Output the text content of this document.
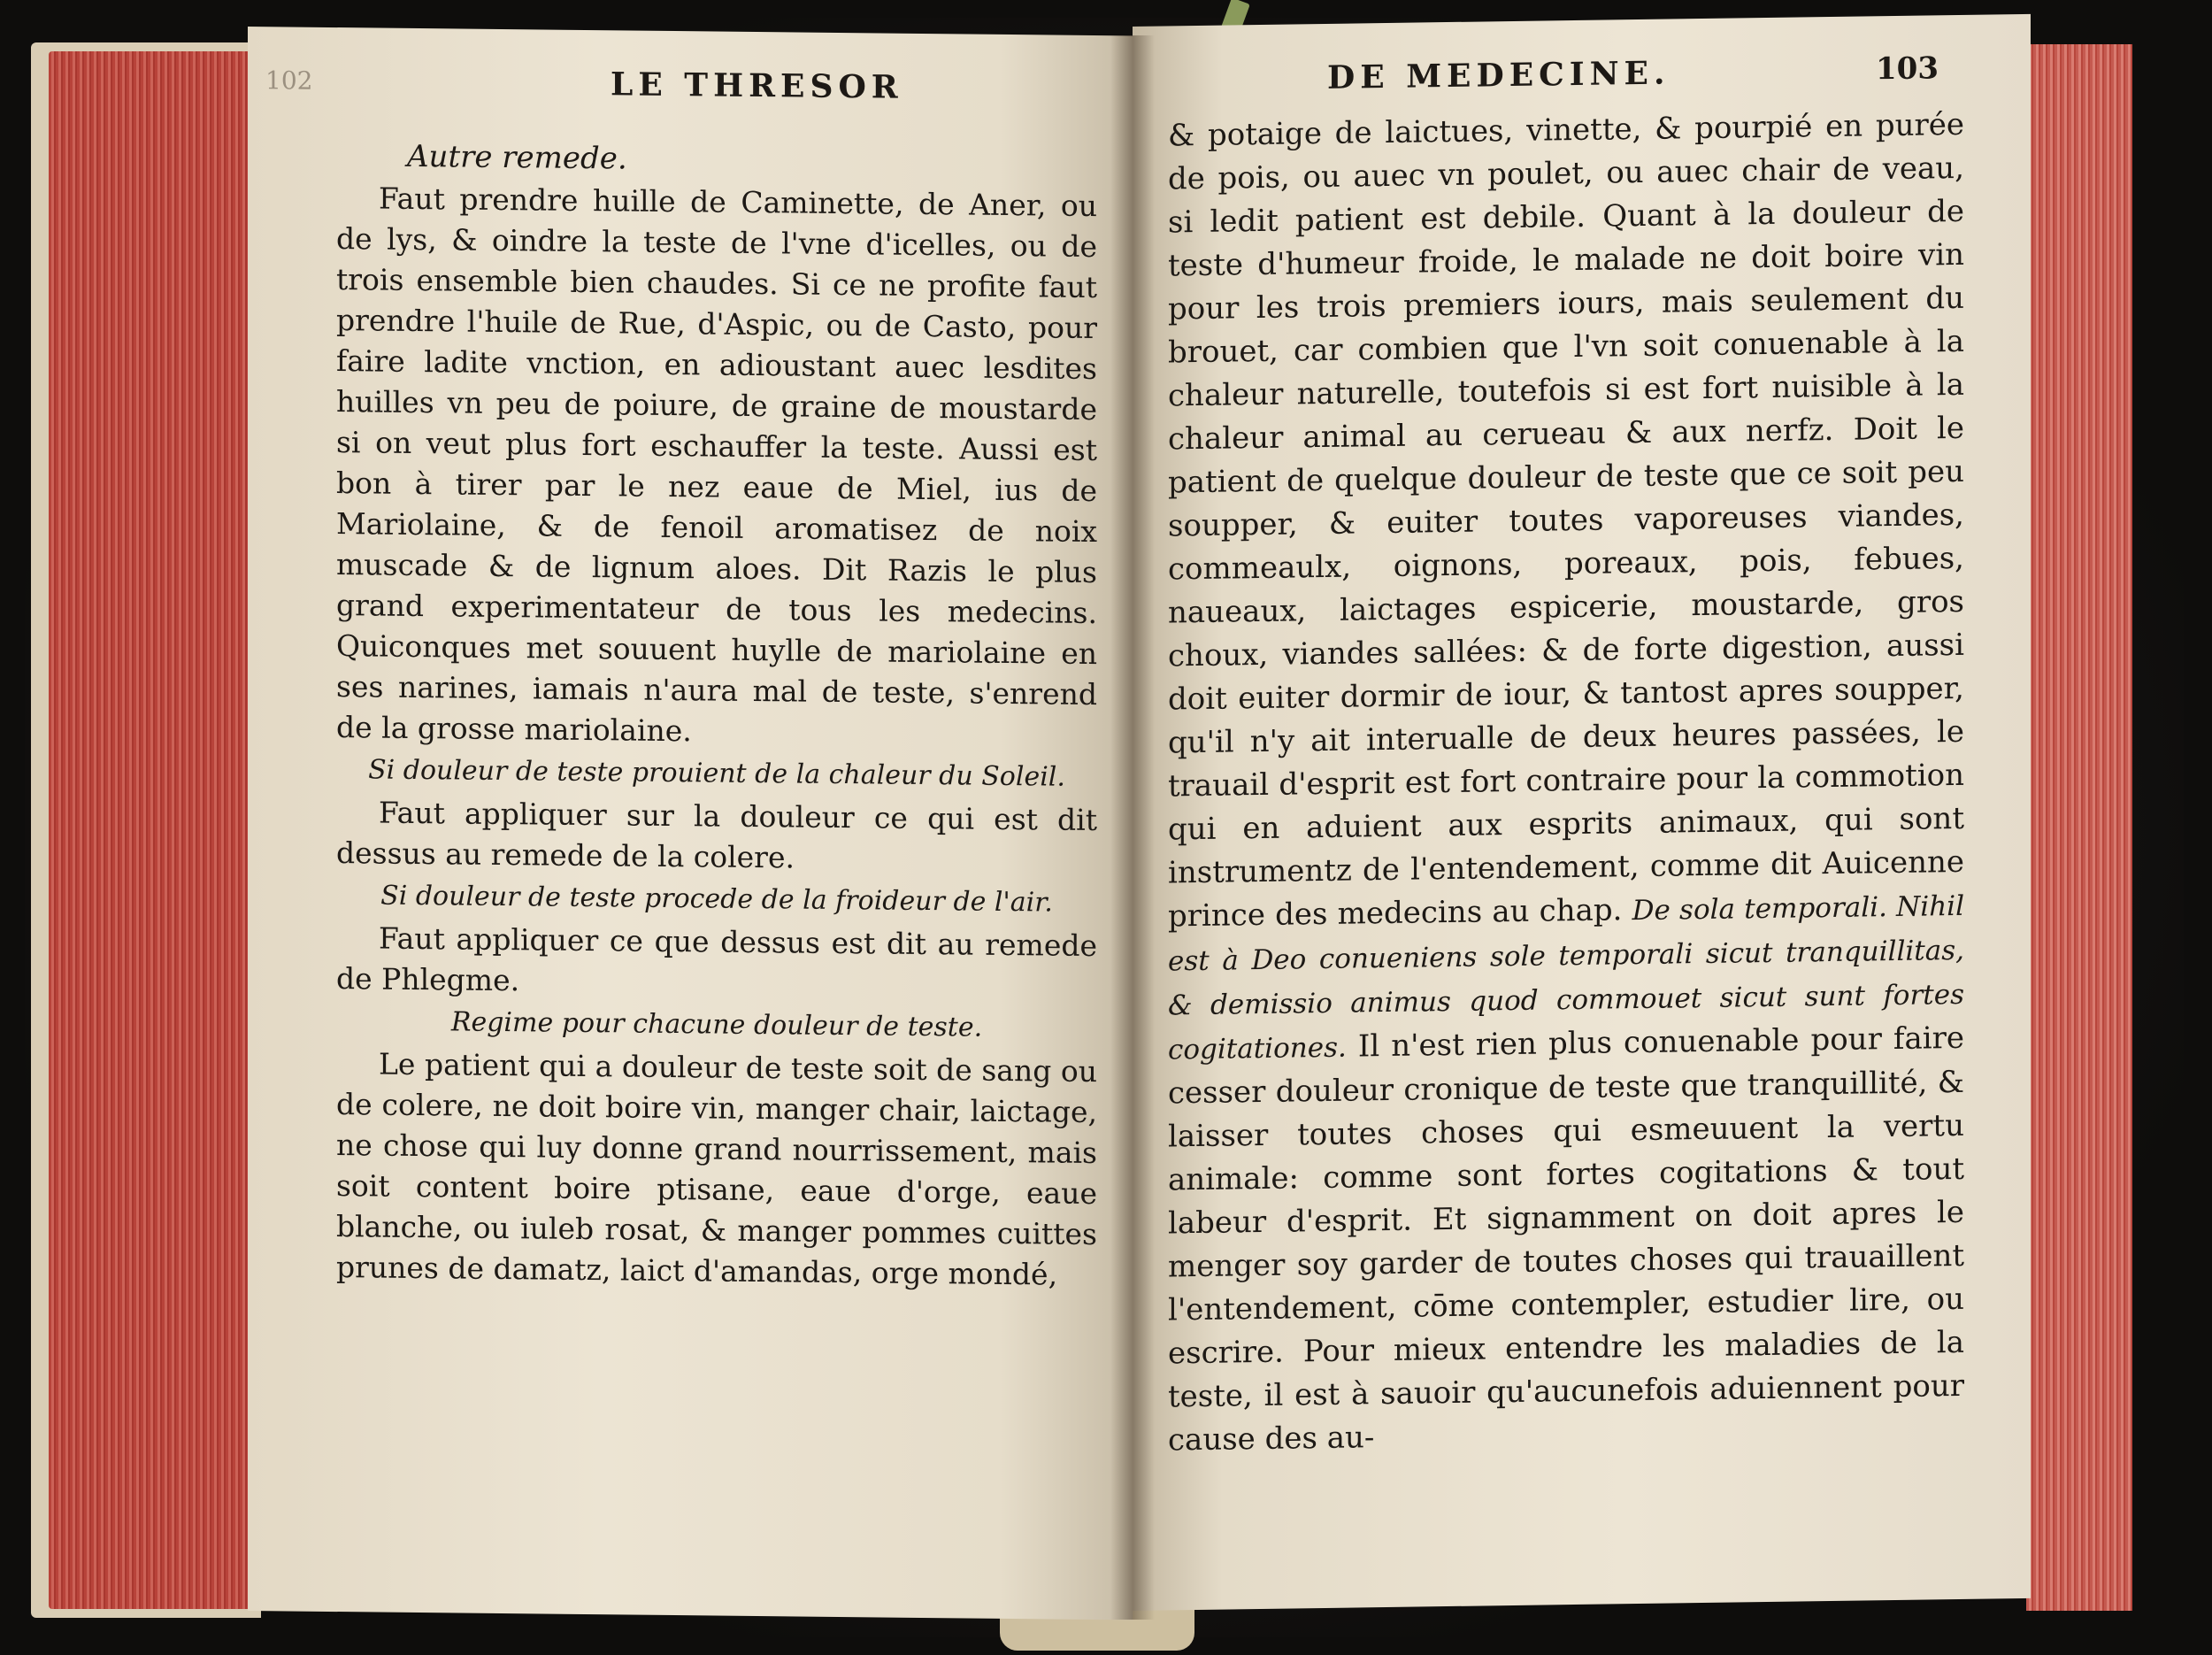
102	LE THRESOR
Autre remede.

Faut prendre huille de Caminette, de Aner, ou de lys, & oindre la teste de l'vne d'icelles, ou de trois ensemble bien chaudes. Si ce ne profite faut prendre l'huile de Rue, d'Aspic, ou de Casto, pour faire ladite vnction, en adioustant auec lesdites huilles vn peu de poiure, de graine de moustarde si on veut plus fort eschauffer la teste. Aussi est bon à tirer par le nez eaue de Miel, ius de Mariolaine, & de fenoil aromatisez de noix muscade & de lignum aloes. Dit Razis le plus grand experimentateur de tous les medecins. Quiconques met souuent huylle de mariolaine en ses narines, iamais n'aura mal de teste, s'enrend de la grosse mariolaine.

Si douleur de teste prouient de la chaleur du Soleil.

Faut appliquer sur la douleur ce qui est dit dessus au remede de la colere.

Si douleur de teste procede de la froideur de l'air.

Faut appliquer ce que dessus est dit au remede de Phlegme.

Regime pour chacune douleur de teste.

Le patient qui a douleur de teste soit de sang ou de colere, ne doit boire vin, manger chair, laictage, ne chose qui luy donne grand nourrissement, mais soit content boire ptisane, eaue d'orge, eaue blanche, ou iuleb rosat, & manger pommes cuittes prunes de damatz, laict d'amandas, orge mondé,

DE MEDECINE.	103

& potaige de laictues, vinette, & pourpié en purée de pois, ou auec vn poulet, ou auec chair de veau, si ledit patient est debile. Quant à la douleur de teste d'humeur froide, le malade ne doit boire vin pour les trois premiers iours, mais seulement du brouet, car combien que l'vn soit conuenable à la chaleur naturelle, toutefois si est fort nuisible à la chaleur animal au cerueau & aux nerfz. Doit le patient de quelque douleur de teste que ce soit peu soupper, & euiter toutes vaporeuses viandes, commeaulx, oignons, poreaux, pois, febues, naueaux, laictages espicerie, moustarde, gros choux, viandes sallées: & de forte digestion, aussi doit euiter dormir de iour, & tantost apres soupper, qu'il n'y ait interualle de deux heures passées, le trauail d'esprit est fort contraire pour la commotion qui en aduient aux esprits animaux, qui sont instrumentz de l'entendement, comme dit Auicenne prince des medecins au chap. De sola temporali. Nihil est à Deo conueniens sole temporali sicut tranquillitas, & demissio animus quod commouet sicut sunt fortes cogitationes. Il n'est rien plus conuenable pour faire cesser douleur cronique de teste que tranquillité, & laisser toutes choses qui esmeuuent la vertu animale: comme sont fortes cogitations & tout labeur d'esprit. Et signamment on doit apres le menger soy garder de toutes choses qui trauaillent l'entendement, cōme contempler, estudier lire, ou escrire. Pour mieux entendre les maladies de la teste, il est à sauoir qu'aucunefois aduiennent pour cause des au-
